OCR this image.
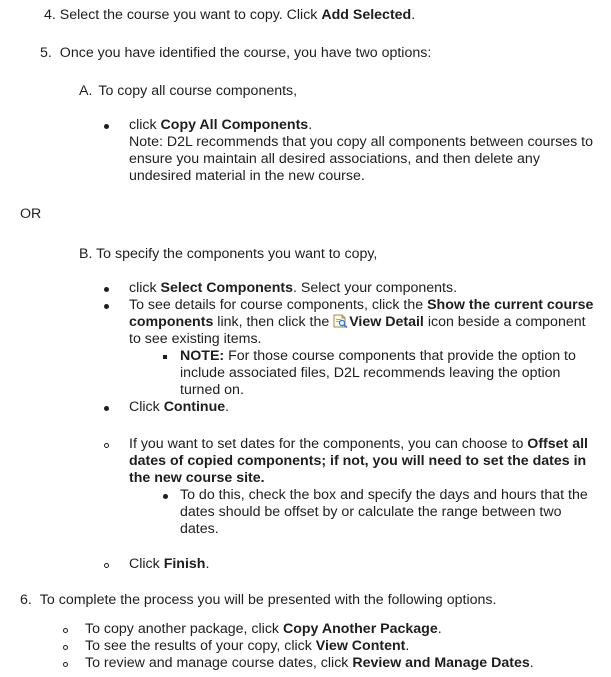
4. Select the course you want to copy. Click Add Selected.
5. Once you have identified the course, you have two options:
A. To copy all course components,
click Copy All Components.
Note: D2L recommends that you copy all components between courses to
ensure you maintain all desired associations, and then delete any
undesired material in the new course.
OR
B. To specify the components you want to copy,
click Select Components. Select your components.
To see details for course components, click the Show the current course
components link, then click the View Detail icon beside a component
to see existing items.
NOTE: For those course components that provide the option to
include associated files, D2L recommends leaving the option
turned on.
Click Continue.
If you want to set dates for the components, you can choose to Offset all
dates of copied components; if not, you will need to set the dates in
the new course site.
To do this, check the box and specify the days and hours that the
dates should be offset by or calculate the range between two
dates.
Click Finish.
6. To complete the process you will be presented with the following options.
To copy another package, click Copy Another Package.
To see the results of your copy, click View Content.
To review and manage course dates, click Review and Manage Dates.
